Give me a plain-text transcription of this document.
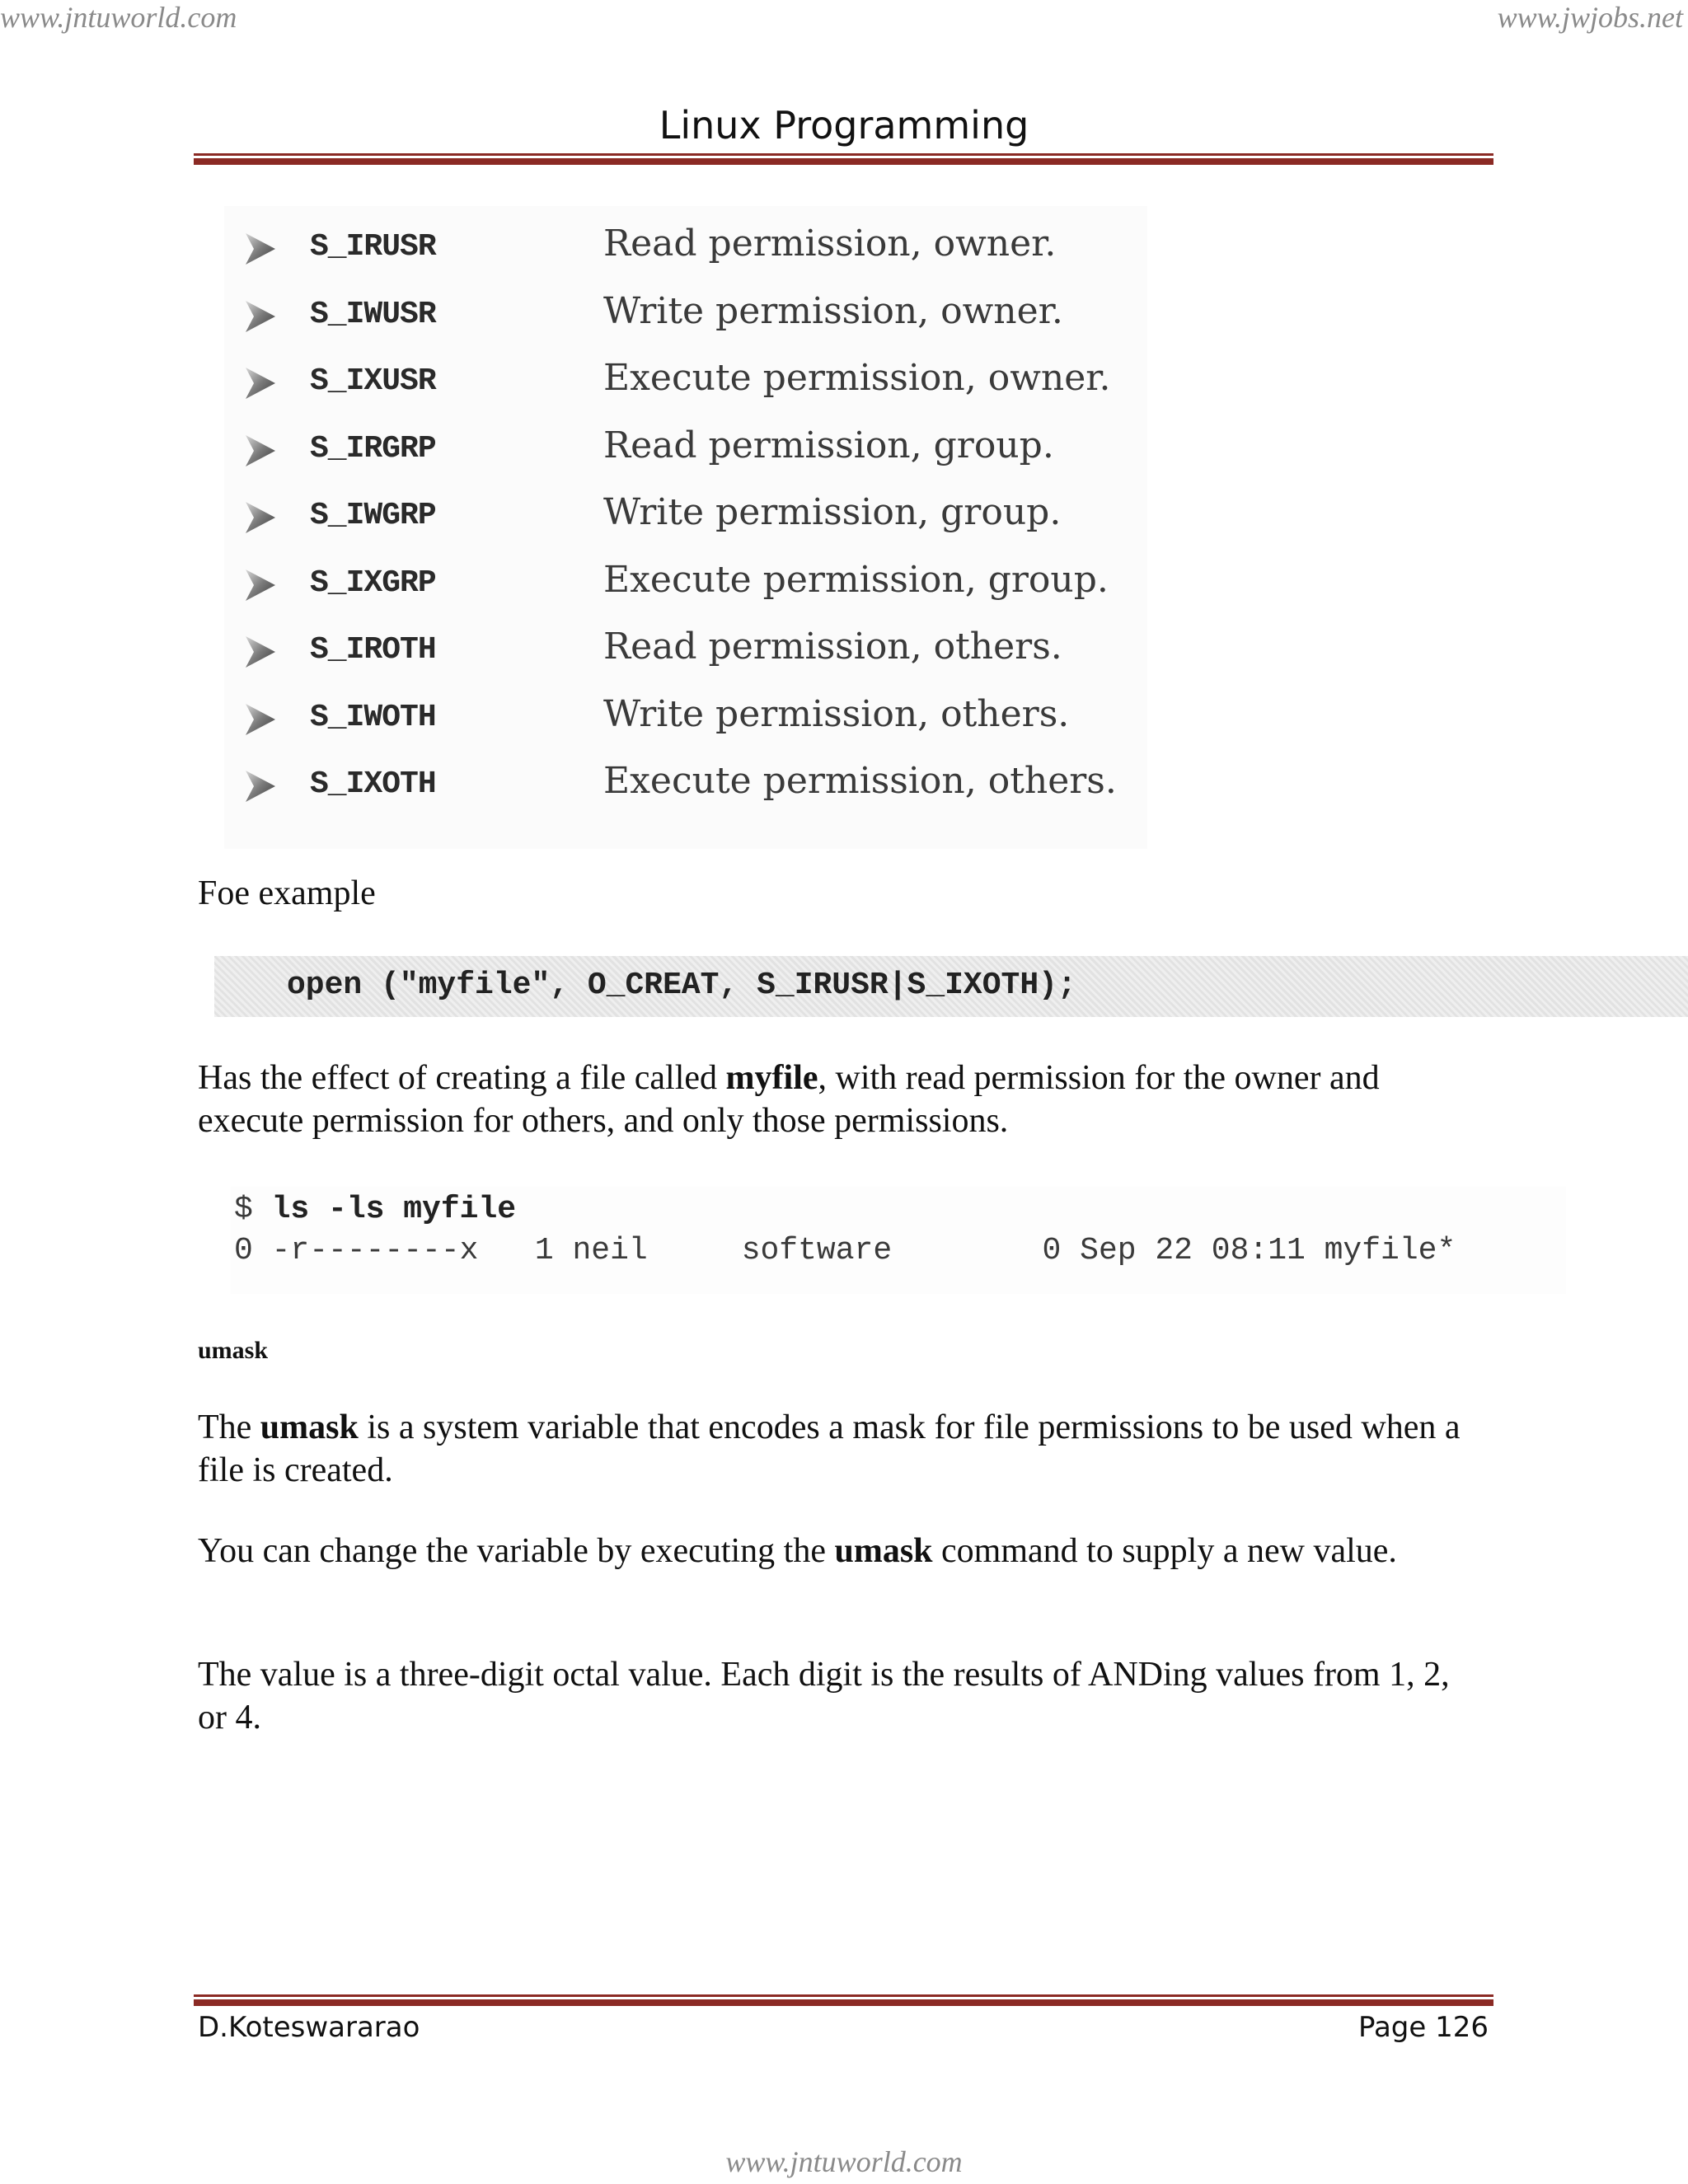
www.jntuworld.com	www.jwjobs.net
Linux Programming
S_IRUSR	Read permission, owner.
S_IWUSR	Write permission, owner.
S_IXUSR	Execute permission, owner.
S_IRGRP	Read permission, group.
S_IWGRP	Write permission, group.
S_IXGRP	Execute permission, group.
S_IROTH	Read permission, others.
S_IWOTH	Write permission, others.
S_IXOTH	Execute permission, others.
Foe example
open ("myfile", O_CREAT, S_IRUSR|S_IXOTH);
Has the effect of creating a file called myfile, with read permission for the owner and execute permission for others, and only those permissions.

$ ls -ls myfile

0 -r--------x   1 neil     software        0 Sep 22 08:11 myfile*

umask
The umask is a system variable that encodes a mask for file permissions to be used when a file is created.
You can change the variable by executing the umask command to supply a new value.
The value is a three-digit octal value. Each digit is the results of ANDing values from 1, 2, or 4.
D.Koteswararao	Page 126
www.jntuworld.com
